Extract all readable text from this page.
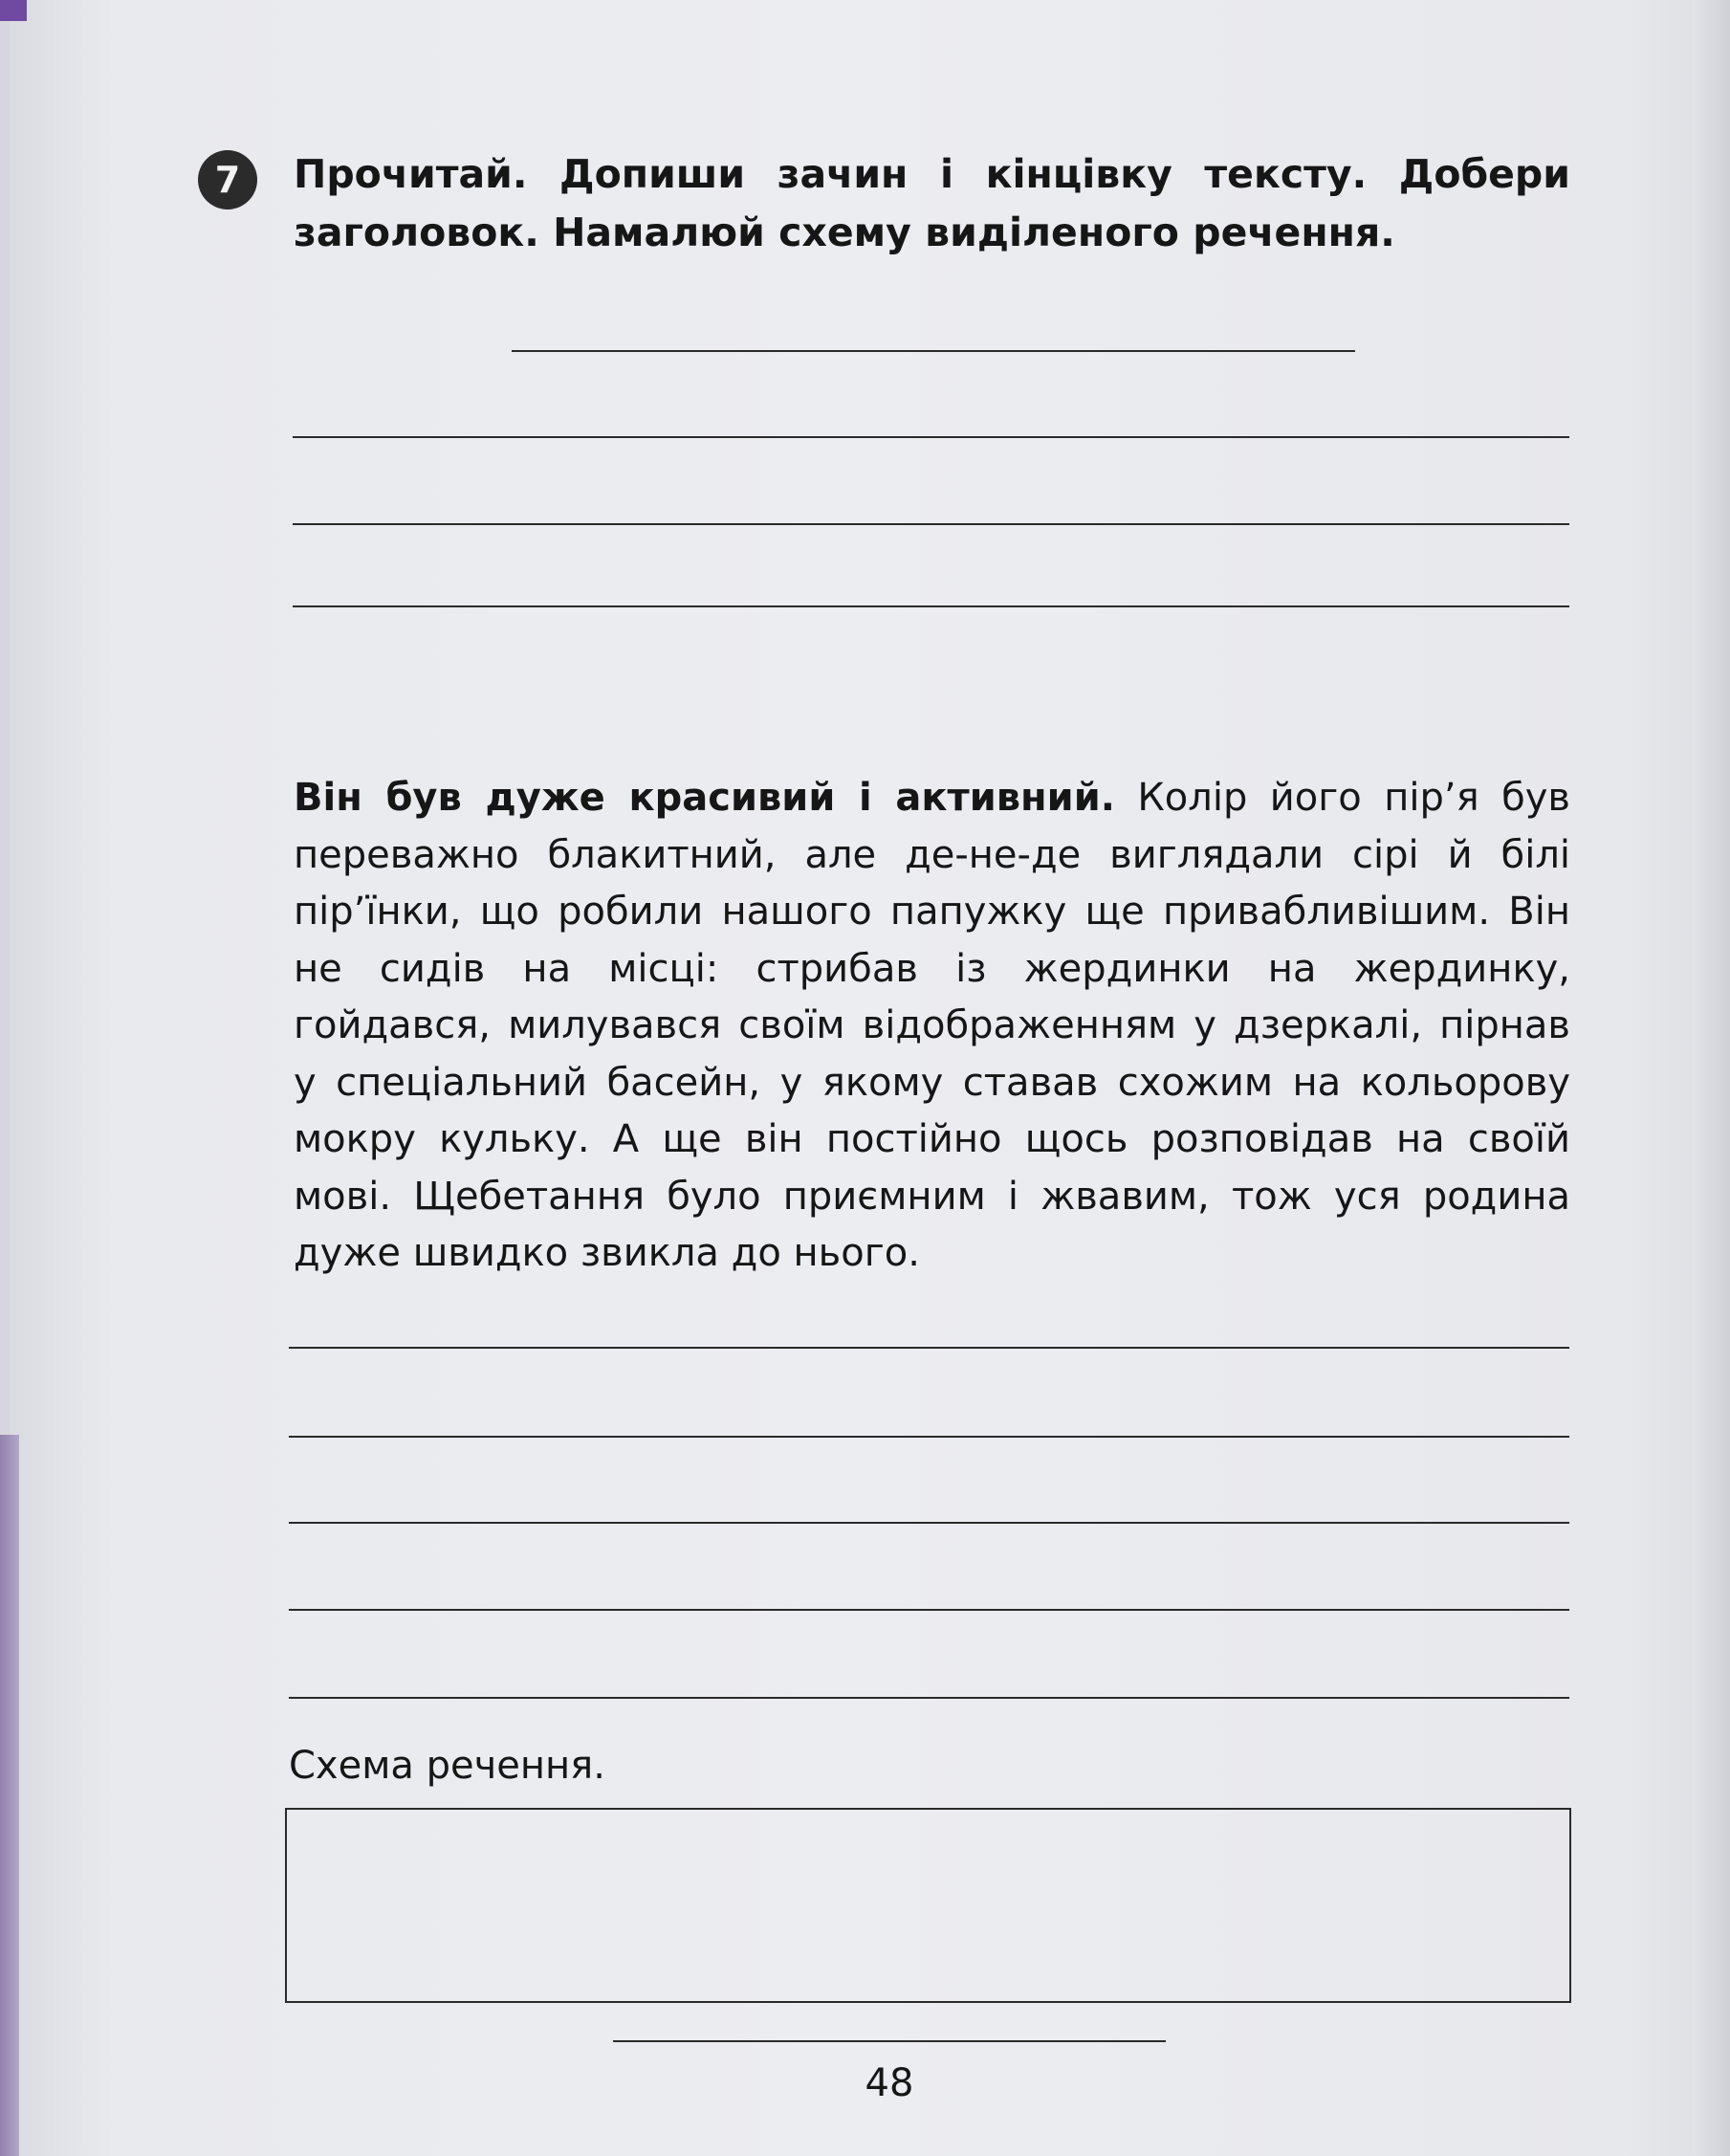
7	Прочитай. Допиши зачин і кінцівку тексту. Добери заголовок. Намалюй схему виділеного речення.

Він був дуже красивий і активний. Колір його пір’я був переважно блакитний, але де-не-де виглядали сірі й білі пір’їнки, що робили нашого папужку ще привабливішим. Він не сидів на місці: стрибав із жердинки на жердинку, гойдався, милувався своїм відображенням у дзеркалі, пірнав у спеціальний басейн, у якому ставав схожим на кольорову мокру кульку. А ще він постійно щось розповідав на своїй мові. Щебетання було приємним і жвавим, тож уся родина дуже швидко звикла до нього.

Схема речення.
48
